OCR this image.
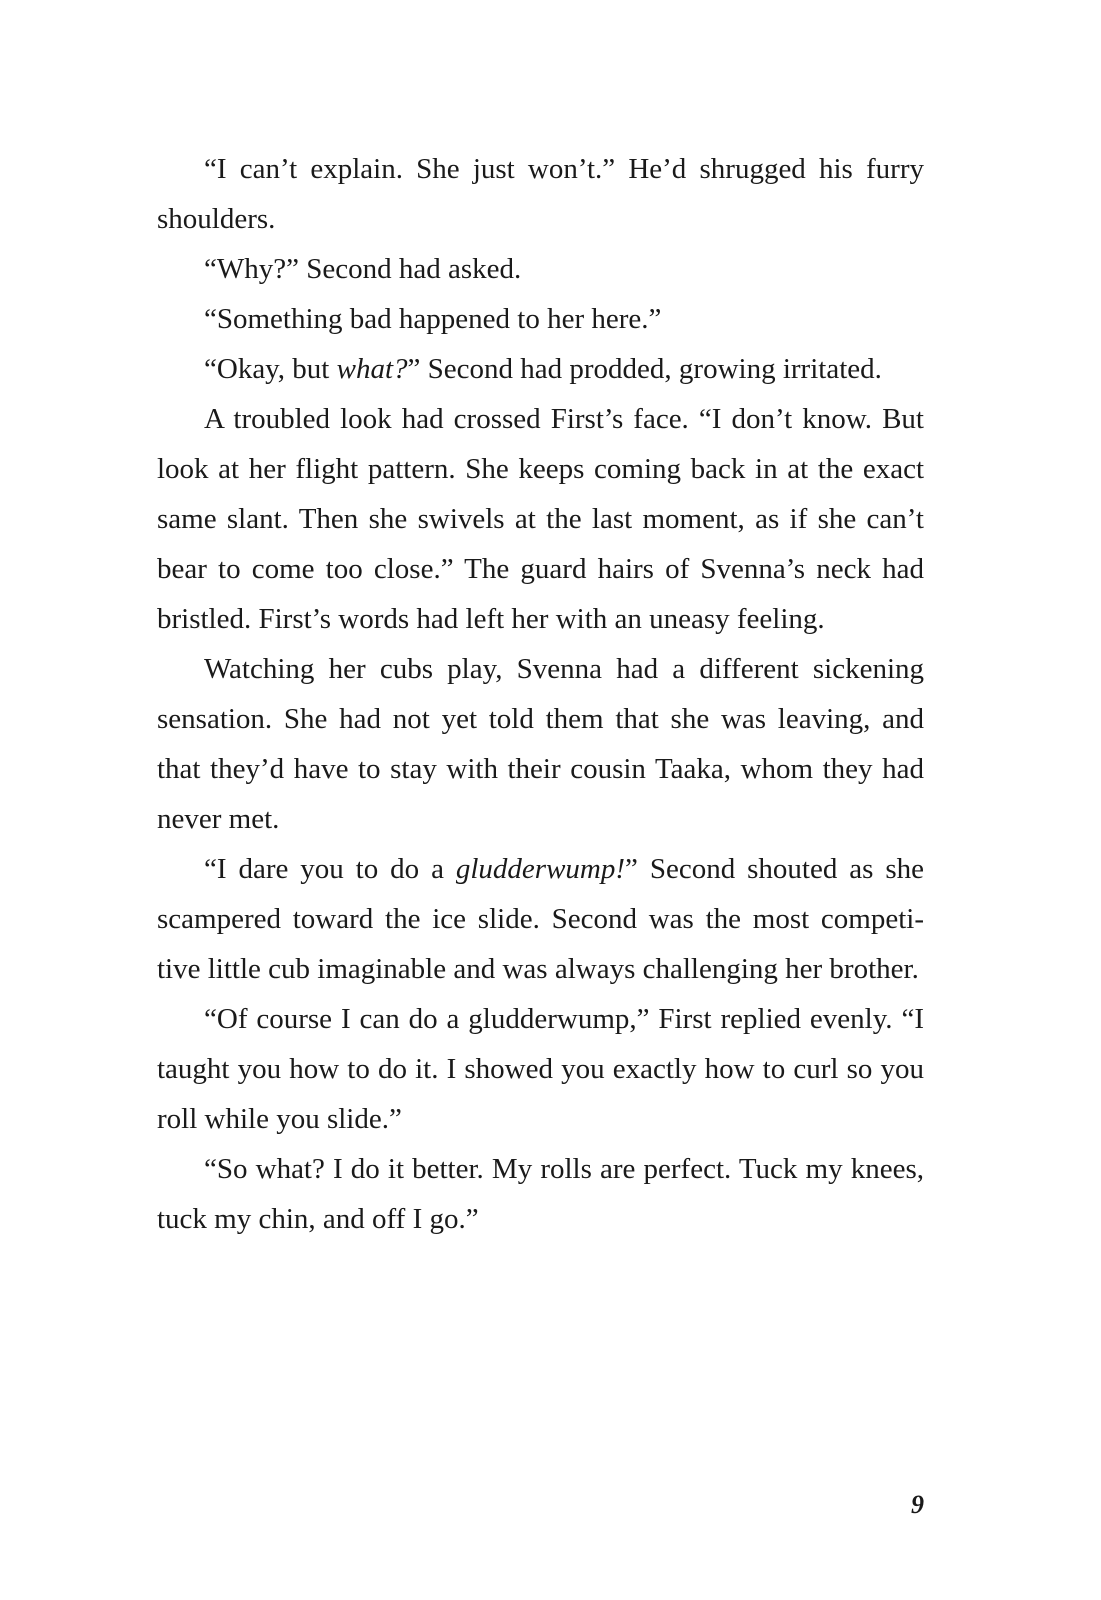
“I can’t explain. She just won’t.” He’d shrugged his furry shoulders.

“Why?” Second had asked.

“Something bad happened to her here.”

“Okay, but what?” Second had prodded, growing irritated.

A troubled look had crossed First’s face. “I don’t know. But look at her flight pattern. She keeps coming back in at the exact same slant. Then she swivels at the last moment, as if she can’t bear to come too close.” The guard hairs of Svenna’s neck had bristled. First’s words had left her with an uneasy feeling.

Watching her cubs play, Svenna had a different sickening sensation. She had not yet told them that she was leaving, and that they’d have to stay with their cousin Taaka, whom they had never met.

“I dare you to do a gludderwump!” Second shouted as she scampered toward the ice slide. Second was the most competi-tive little cub imaginable and was always challenging her brother.

“Of course I can do a gludderwump,” First replied evenly. “I taught you how to do it. I showed you exactly how to curl so you roll while you slide.”

“So what? I do it better. My rolls are perfect. Tuck my knees, tuck my chin, and off I go.”

9
